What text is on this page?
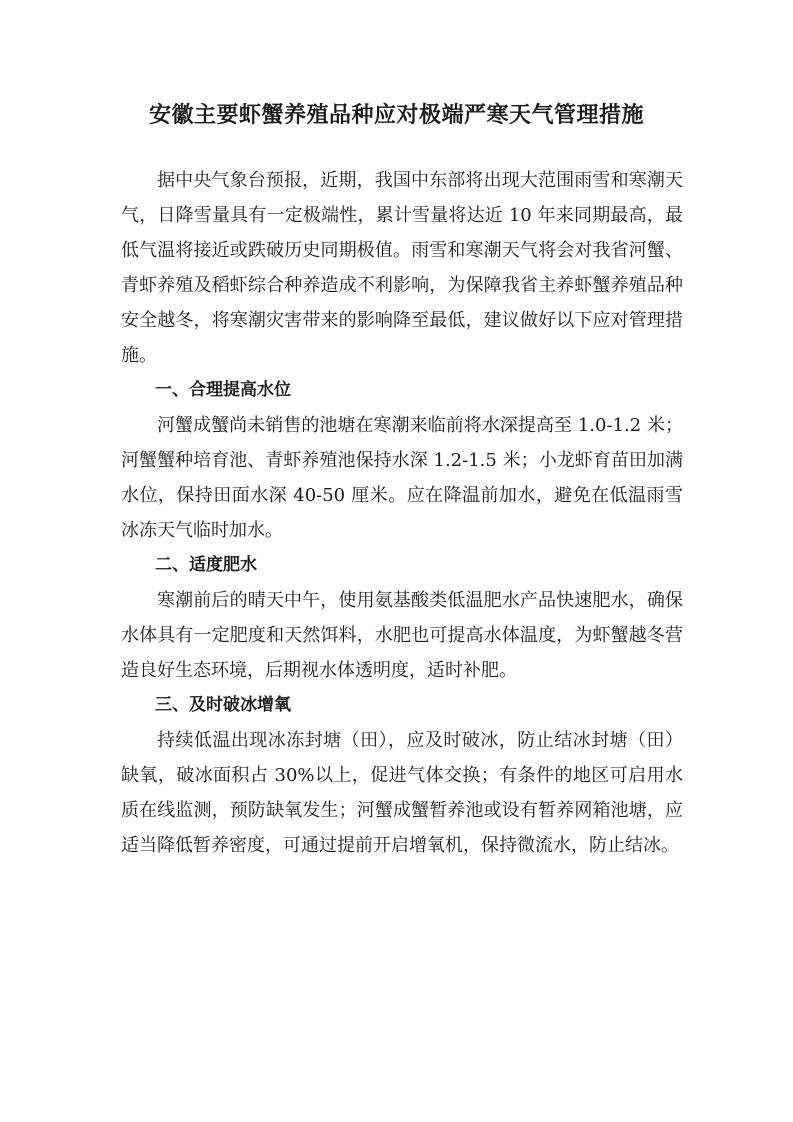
安徽主要虾蟹养殖品种应对极端严寒天气管理措施

据中央气象台预报，近期，我国中东部将出现大范围雨雪和寒潮天气，日降雪量具有一定极端性，累计雪量将达近 10 年来同期最高，最低气温将接近或跌破历史同期极值。雨雪和寒潮天气将会对我省河蟹、青虾养殖及稻虾综合种养造成不利影响，为保障我省主养虾蟹养殖品种安全越冬，将寒潮灾害带来的影响降至最低，建议做好以下应对管理措施。

一、合理提高水位

河蟹成蟹尚未销售的池塘在寒潮来临前将水深提高至 1.0-1.2 米；河蟹蟹种培育池、青虾养殖池保持水深 1.2-1.5 米；小龙虾育苗田加满水位，保持田面水深 40-50 厘米。应在降温前加水，避免在低温雨雪冰冻天气临时加水。

二、适度肥水

寒潮前后的晴天中午，使用氨基酸类低温肥水产品快速肥水，确保水体具有一定肥度和天然饵料，水肥也可提高水体温度，为虾蟹越冬营造良好生态环境，后期视水体透明度，适时补肥。

三、及时破冰增氧

持续低温出现冰冻封塘（田），应及时破冰，防止结冰封塘（田）缺氧，破冰面积占 30%以上，促进气体交换；有条件的地区可启用水质在线监测，预防缺氧发生；河蟹成蟹暂养池或设有暂养网箱池塘，应适当降低暂养密度，可通过提前开启增氧机，保持微流水，防止结冰。
